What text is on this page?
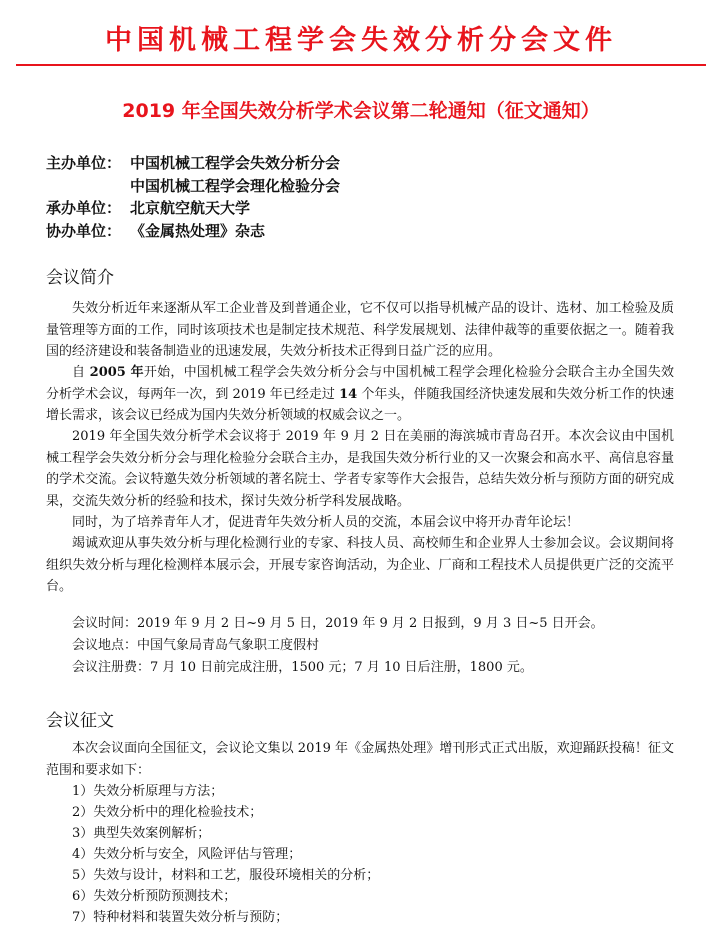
中国机械工程学会失效分析分会文件
2019 年全国失效分析学术会议第二轮通知（征文通知）
主办单位： 中国机械工程学会失效分析分会
中国机械工程学会理化检验分会
承办单位： 北京航空航天大学
协办单位： 《金属热处理》杂志
会议简介
失效分析近年来逐渐从军工企业普及到普通企业，它不仅可以指导机械产品的设计、选材、加工检验及质量管理等方面的工作，同时该项技术也是制定技术规范、科学发展规划、法律仲裁等的重要依据之一。随着我国的经济建设和装备制造业的迅速发展，失效分析技术正得到日益广泛的应用。
自 2005 年开始，中国机械工程学会失效分析分会与中国机械工程学会理化检验分会联合主办全国失效分析学术会议，每两年一次，到 2019 年已经走过 14 个年头，伴随我国经济快速发展和失效分析工作的快速增长需求，该会议已经成为国内失效分析领域的权威会议之一。
2019 年全国失效分析学术会议将于 2019 年 9 月 2 日在美丽的海滨城市青岛召开。本次会议由中国机械工程学会失效分析分会与理化检验分会联合主办，是我国失效分析行业的又一次聚会和高水平、高信息容量的学术交流。会议特邀失效分析领域的著名院士、学者专家等作大会报告，总结失效分析与预防方面的研究成果，交流失效分析的经验和技术，探讨失效分析学科发展战略。
同时，为了培养青年人才，促进青年失效分析人员的交流，本届会议中将开办青年论坛！
竭诚欢迎从事失效分析与理化检测行业的专家、科技人员、高校师生和企业界人士参加会议。会议期间将组织失效分析与理化检测样本展示会，开展专家咨询活动，为企业、厂商和工程技术人员提供更广泛的交流平台。
会议时间：2019 年 9 月 2 日~9 月 5 日，2019 年 9 月 2 日报到，9 月 3 日~5 日开会。
会议地点：中国气象局青岛气象职工度假村
会议注册费：7 月 10 日前完成注册，1500 元；7 月 10 日后注册，1800 元。
会议征文
本次会议面向全国征文，会议论文集以 2019 年《金属热处理》增刊形式正式出版，欢迎踊跃投稿！征文范围和要求如下：
1）失效分析原理与方法；
2）失效分析中的理化检验技术；
3）典型失效案例解析；
4）失效分析与安全，风险评估与管理；
5）失效与设计，材料和工艺，服役环境相关的分析；
6）失效分析预防预测技术；
7）特种材料和装置失效分析与预防；
